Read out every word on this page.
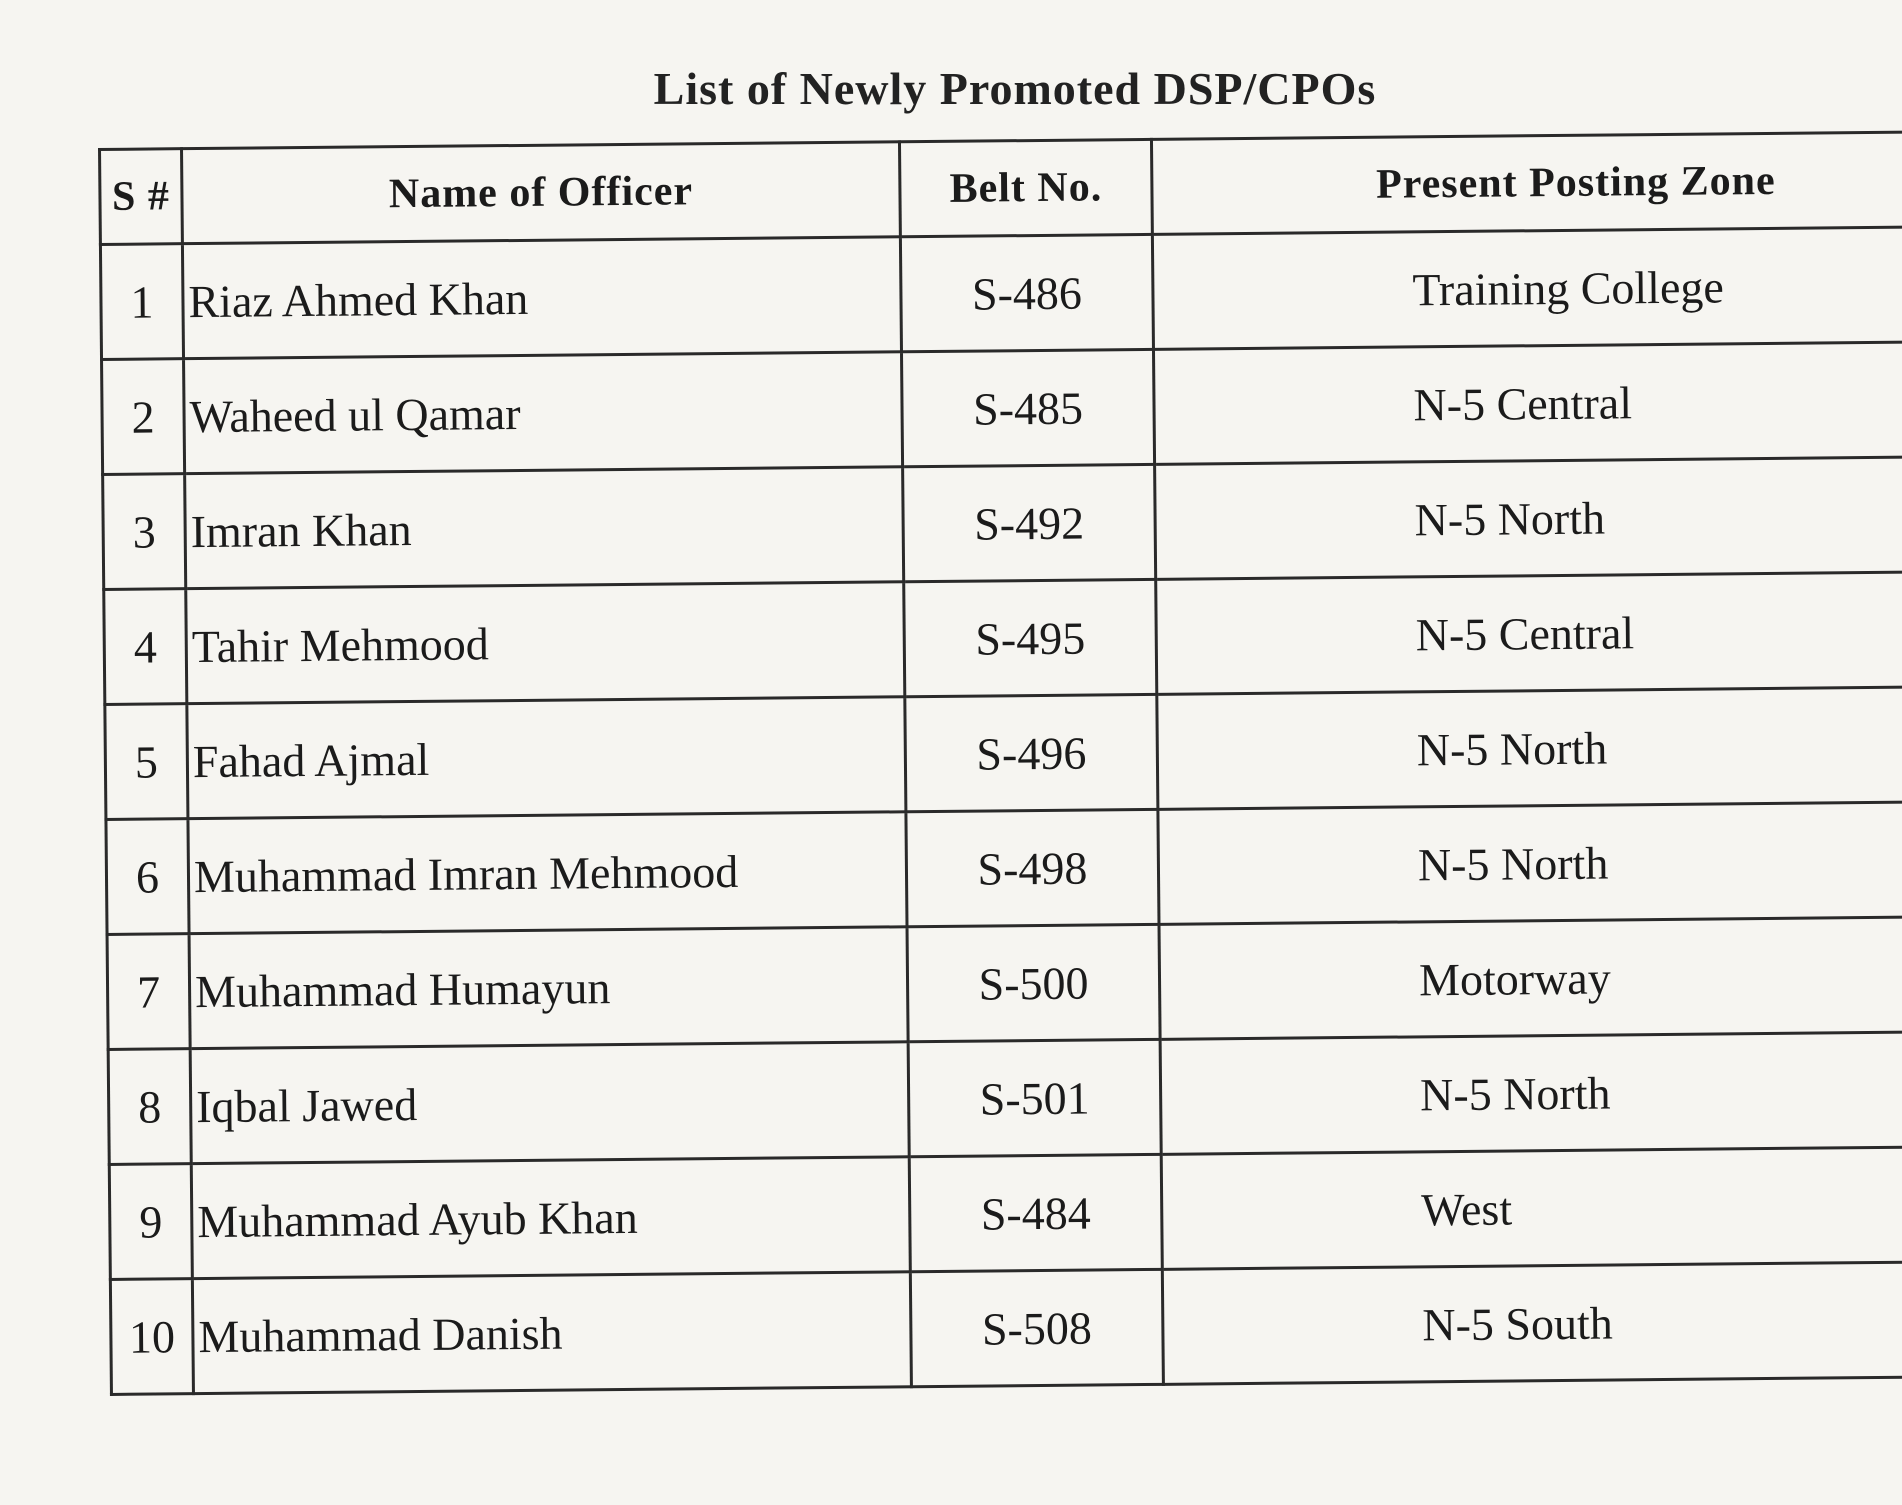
List of Newly Promoted DSP/CPOs
S #	Name of Officer	Belt No.	Present Posting Zone
1	Riaz Ahmed Khan	S-486	Training College
2	Waheed ul Qamar	S-485	N-5 Central
3	Imran Khan	S-492	N-5 North
4	Tahir Mehmood	S-495	N-5 Central
5	Fahad Ajmal	S-496	N-5 North
6	Muhammad Imran Mehmood	S-498	N-5 North
7	Muhammad Humayun	S-500	Motorway
8	Iqbal Jawed	S-501	N-5 North
9	Muhammad Ayub Khan	S-484	West
10	Muhammad Danish	S-508	N-5 South
